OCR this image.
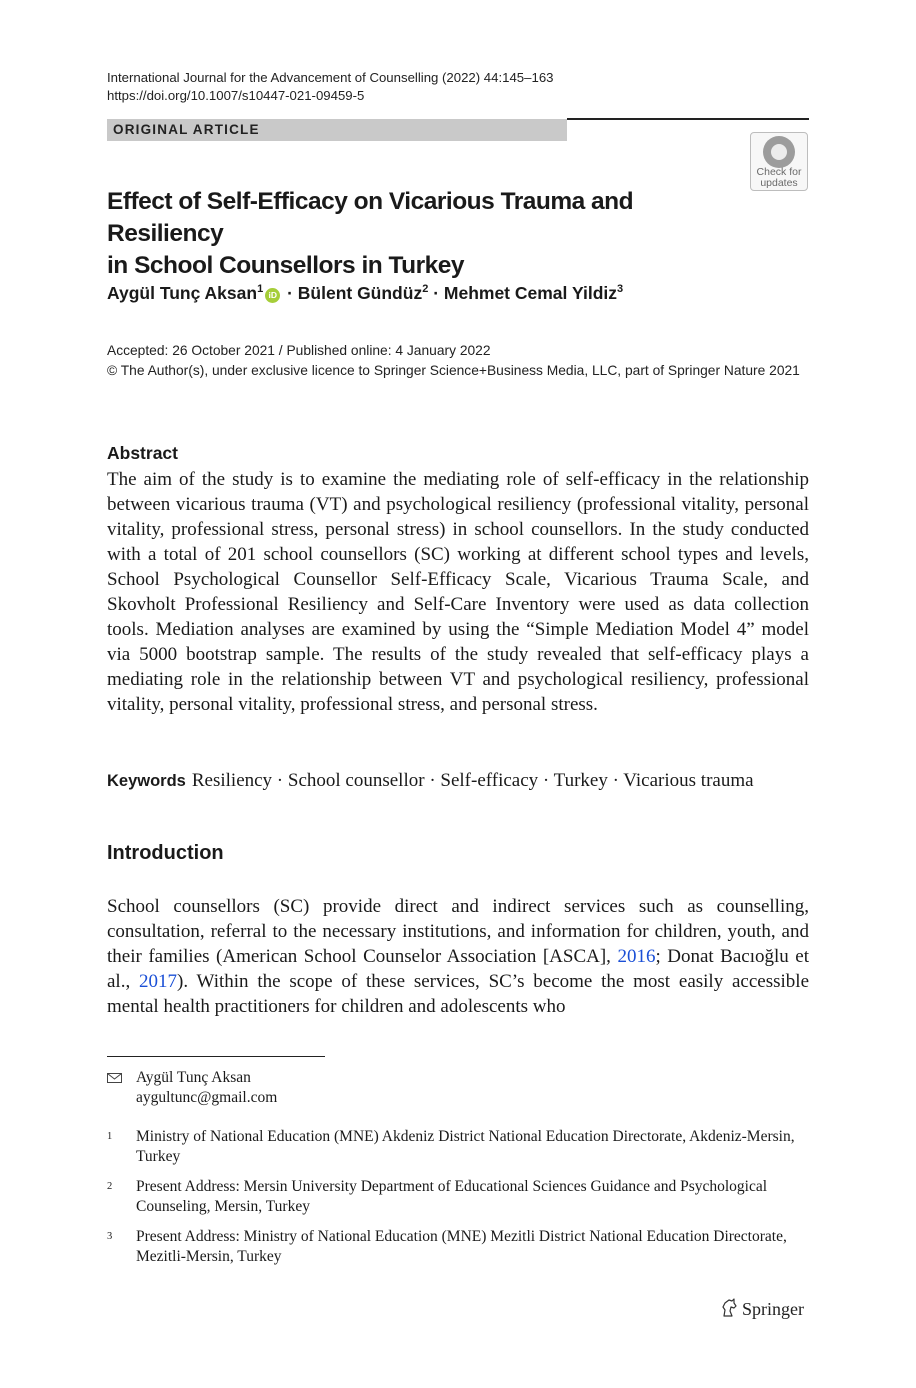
International Journal for the Advancement of Counselling (2022) 44:145–163
https://doi.org/10.1007/s10447-021-09459-5
ORIGINAL ARTICLE
Check for
updates
Effect of Self-Efficacy on Vicarious Trauma and Resiliency
in School Counsellors in Turkey
Aygül Tunç Aksan$^1$ iD · Bülent Gündüz$^2$ · Mehmet Cemal Yildiz$^3$
Accepted: 26 October 2021 / Published online: 4 January 2022
© The Author(s), under exclusive licence to Springer Science+Business Media, LLC, part of Springer Nature 2021
Abstract
The aim of the study is to examine the mediating role of self-efficacy in the relationship between vicarious trauma (VT) and psychological resiliency (professional vitality, personal vitality, professional stress, personal stress) in school counsellors. In the study conducted with a total of 201 school counsellors (SC) working at different school types and levels, School Psychological Counsellor Self-Efficacy Scale, Vicarious Trauma Scale, and Skovholt Professional Resiliency and Self-Care Inventory were used as data collection tools. Mediation analyses are examined by using the “Simple Mediation Model 4” model via 5000 bootstrap sample. The results of the study revealed that self-efficacy plays a mediating role in the relationship between VT and psychological resiliency, professional vitality, personal vitality, professional stress, and personal stress.
Keywords Resiliency · School counsellor · Self-efficacy · Turkey · Vicarious trauma
Introduction
School counsellors (SC) provide direct and indirect services such as counselling, consultation, referral to the necessary institutions, and information for children, youth, and their families (American School Counselor Association [ASCA], 2016; Donat Bacıoğlu et al., 2017). Within the scope of these services, SC’s become the most easily accessible mental health practitioners for children and adolescents who
Aygül Tunç Aksan
aygultunc@gmail.com
1	Ministry of National Education (MNE) Akdeniz District National Education Directorate, Akdeniz-Mersin, Turkey
2	Present Address: Mersin University Department of Educational Sciences Guidance and Psychological Counseling, Mersin, Turkey
3	Present Address: Ministry of National Education (MNE) Mezitli District National Education Directorate, Mezitli-Mersin, Turkey
Springer
